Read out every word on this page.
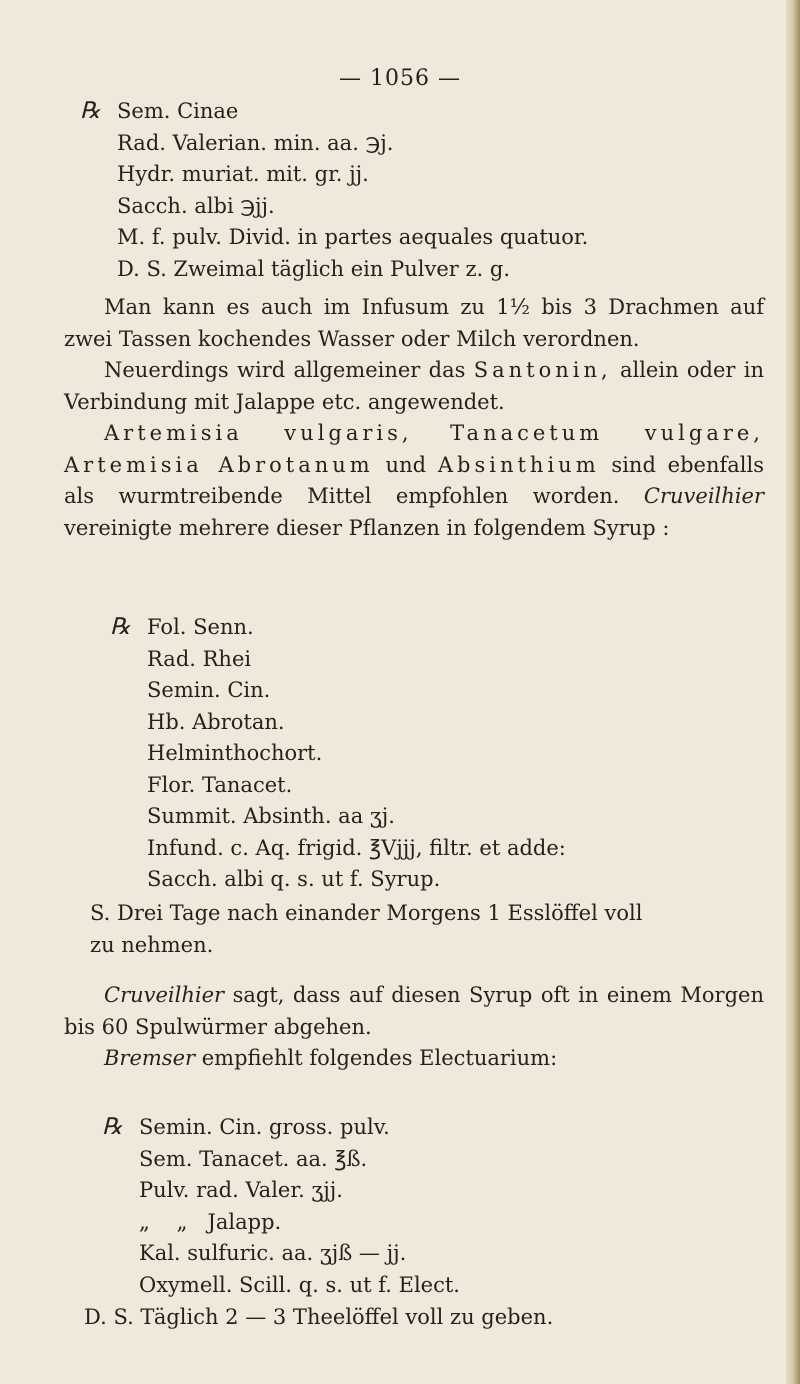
— 1056 —
℞ Sem. Cinae
Rad. Valerian. min. aa. ℈j.
Hydr. muriat. mit. gr. jj.
Sacch. albi ℈jj.
M. f. pulv. Divid. in partes aequales quatuor.
D. S. Zweimal täglich ein Pulver z. g.

Man kann es auch im Infusum zu 1½ bis 3 Drachmen auf zwei Tassen kochendes Wasser oder Milch verordnen.

Neuerdings wird allgemeiner das Santonin, allein oder in Verbindung mit Jalappe etc. angewendet.

Artemisia vulgaris, Tanacetum vulgare, Artemisia Abrotanum und Absinthium sind ebenfalls als wurmtreibende Mittel empfohlen worden. Cruveilhier vereinigte mehrere dieser Pflanzen in folgendem Syrup :

℞ Fol. Senn.
Rad. Rhei
Semin. Cin.
Hb. Abrotan.
Helminthochort.
Flor. Tanacet.
Summit. Absinth. aa ʒj.
Infund. c. Aq. frigid. ℥Vjjj, filtr. et adde:
Sacch. albi q. s. ut f. Syrup.
S. Drei Tage nach einander Morgens 1 Esslöffel voll
zu nehmen.

Cruveilhier sagt, dass auf diesen Syrup oft in einem Morgen bis 60 Spulwürmer abgehen.

Bremser empfiehlt folgendes Electuarium:

℞ Semin. Cin. gross. pulv.
Sem. Tanacet. aa. ℥ß.
Pulv. rad. Valer. ʒjj.
„    „   Jalapp.
Kal. sulfuric. aa. ʒjß — jj.
Oxymell. Scill. q. s. ut f. Elect.
D. S. Täglich 2 — 3 Theelöffel voll zu geben.
